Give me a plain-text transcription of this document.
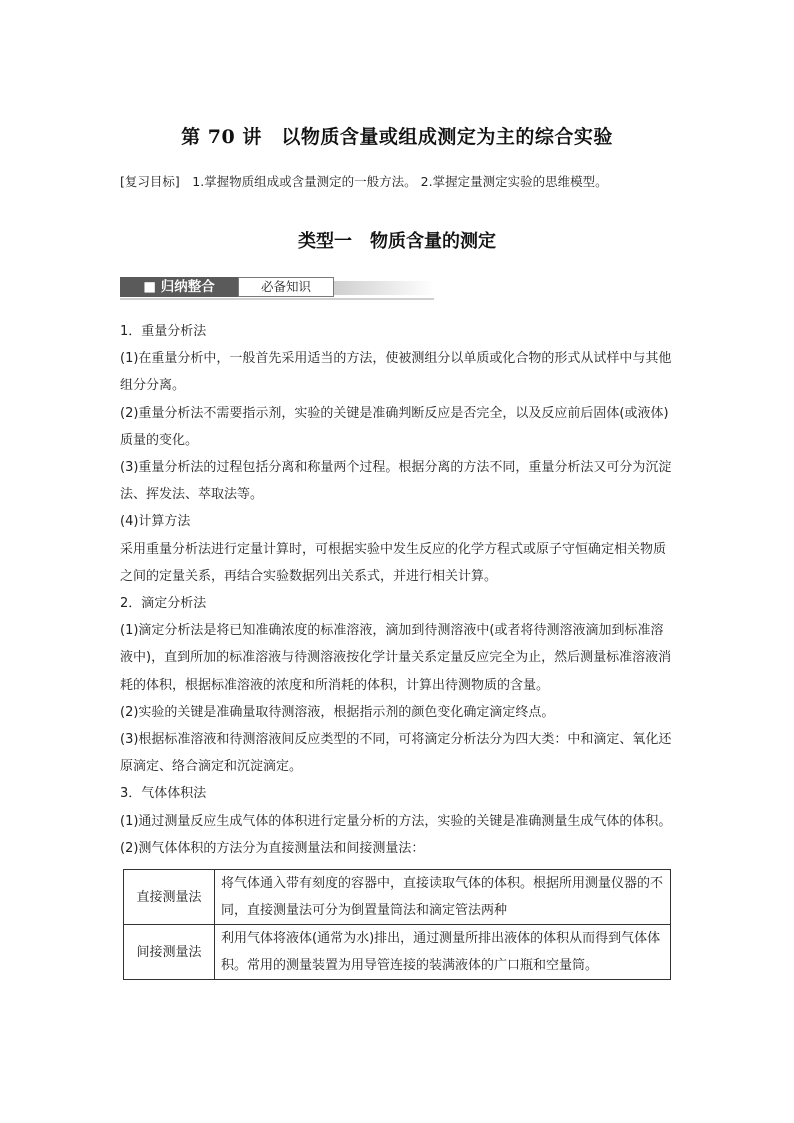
第 70 讲　以物质含量或组成测定为主的综合实验
[复习目标]　1.掌握物质组成或含量测定的一般方法。 2.掌握定量测定实验的思维模型。
类型一　物质含量的测定
■ 归纳整合	必备知识

1．重量分析法

(1)在重量分析中，一般首先采用适当的方法，使被测组分以单质或化合物的形式从试样中与其他组分分离。

(2)重量分析法不需要指示剂，实验的关键是准确判断反应是否完全，以及反应前后固体(或液体)质量的变化。

(3)重量分析法的过程包括分离和称量两个过程。根据分离的方法不同，重量分析法又可分为沉淀法、挥发法、萃取法等。

(4)计算方法

采用重量分析法进行定量计算时，可根据实验中发生反应的化学方程式或原子守恒确定相关物质之间的定量关系，再结合实验数据列出关系式，并进行相关计算。

2．滴定分析法

(1)滴定分析法是将已知准确浓度的标准溶液，滴加到待测溶液中(或者将待测溶液滴加到标准溶液中)，直到所加的标准溶液与待测溶液按化学计量关系定量反应完全为止，然后测量标准溶液消耗的体积，根据标准溶液的浓度和所消耗的体积，计算出待测物质的含量。

(2)实验的关键是准确量取待测溶液，根据指示剂的颜色变化确定滴定终点。

(3)根据标准溶液和待测溶液间反应类型的不同，可将滴定分析法分为四大类：中和滴定、氧化还原滴定、络合滴定和沉淀滴定。

3．气体体积法

(1)通过测量反应生成气体的体积进行定量分析的方法，实验的关键是准确测量生成气体的体积。

(2)测气体体积的方法分为直接测量法和间接测量法：

直接测量法	将气体通入带有刻度的容器中，直接读取气体的体积。根据所用测量仪器的不同，直接测量法可分为倒置量筒法和滴定管法两种
间接测量法	利用气体将液体(通常为水)排出，通过测量所排出液体的体积从而得到气体体积。常用的测量装置为用导管连接的装满液体的广口瓶和空量筒。
